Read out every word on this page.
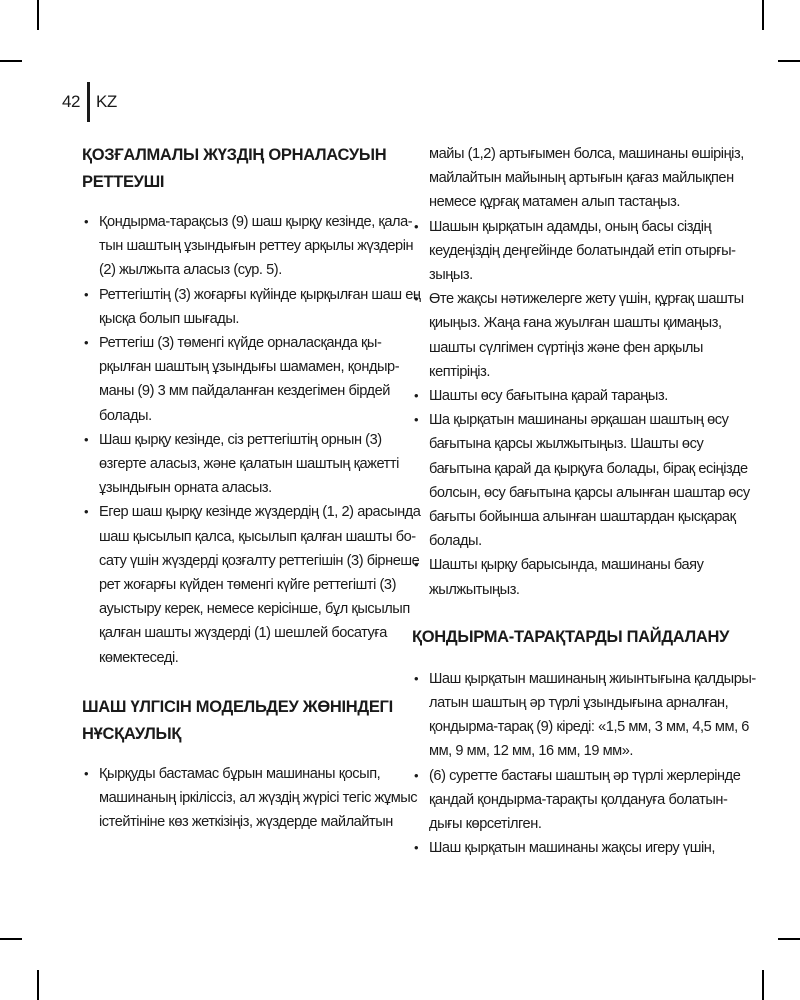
42 KZ
ҚОЗҒАЛМАЛЫ ЖҮЗДІҢ ОРНАЛАСУЫН
РЕТТЕУШІ
• Қондырма-тарақсыз (9) шаш қырқу кезінде, қала-
тын шаштың ұзындығын реттеу арқылы жүздерін
(2) жылжыта аласыз (сур. 5).
• Реттегіштің (3) жоғарғы күйінде қырқылған шаш ең
қысқа болып шығады.
• Реттегіш (3) төменгі күйде орналасқанда қы-
рқылған шаштың ұзындығы шамамен, қондыр-
маны (9) 3 мм пайдаланған кездегімен бірдей
болады.
• Шаш қырқу кезінде, сіз реттегіштің орнын (3)
өзгерте аласыз, және қалатын шаштың қажетті
ұзындығын орната аласыз.
• Егер шаш қырқу кезінде жүздердің (1, 2) арасында
шаш қысылып қалса, қысылып қалған шашты бо-
сату үшін жүздерді қозғалту реттегішін (3) бірнеше
рет жоғарғы күйден төменгі күйге реттегішті (3)
ауыстыру керек, немесе керісінше, бұл қысылып
қалған шашты жүздерді (1) шешлей босатуға
көмектеседі.
ШАШ ҮЛГІСІН МОДЕЛЬДЕУ ЖӨНІНДЕГІ
НҰСҚАУЛЫҚ
• Қырқуды бастамас бұрын машинаны қосып,
машинаның іркіліссіз, ал жүздің жүрісі тегіс жұмыс
істейтініне көз жеткізіңіз, жүздерде майлайтын
майы (1,2) артығымен болса, машинаны өшіріңіз,
майлайтын майының артығын қағаз майлықпен
немесе құрғақ матамен алып тастаңыз.
• Шашын қырқатын адамды, оның басы сіздің
кеудеңіздің деңгейінде болатындай етіп отырғы-
зыңыз.
• Өте жақсы нәтижелерге жету үшін, құрғақ шашты
қиыңыз. Жаңа ғана жуылған шашты қимаңыз,
шашты сүлгімен сүртіңіз және фен арқылы
кептіріңіз.
• Шашты өсу бағытына қарай тараңыз.
• Ша қырқатын машинаны әрқашан шаштың өсу
бағытына қарсы жылжытыңыз. Шашты өсу
бағытына қарай да қырқуға болады, бірақ есіңізде
болсын, өсу бағытына қарсы алынған шаштар өсу
бағыты бойынша алынған шаштардан қысқарақ
болады.
• Шашты қырқу барысында, машинаны баяу
жылжытыңыз.
ҚОНДЫРМА-ТАРАҚТАРДЫ ПАЙДАЛАНУ
• Шаш қырқатын машинаның жиынтығына қалдыры-
латын шаштың әр түрлі ұзындығына арналған,
қондырма-тарақ (9) кіреді: «1,5 мм, 3 мм, 4,5 мм, 6
мм, 9 мм, 12 мм, 16 мм, 19 мм».
• (6) суретте бастағы шаштың әр түрлі жерлерінде
қандай қондырма-тарақты қолдануға болатын-
дығы көрсетілген.
• Шаш қырқатын машинаны жақсы игеру үшін,
